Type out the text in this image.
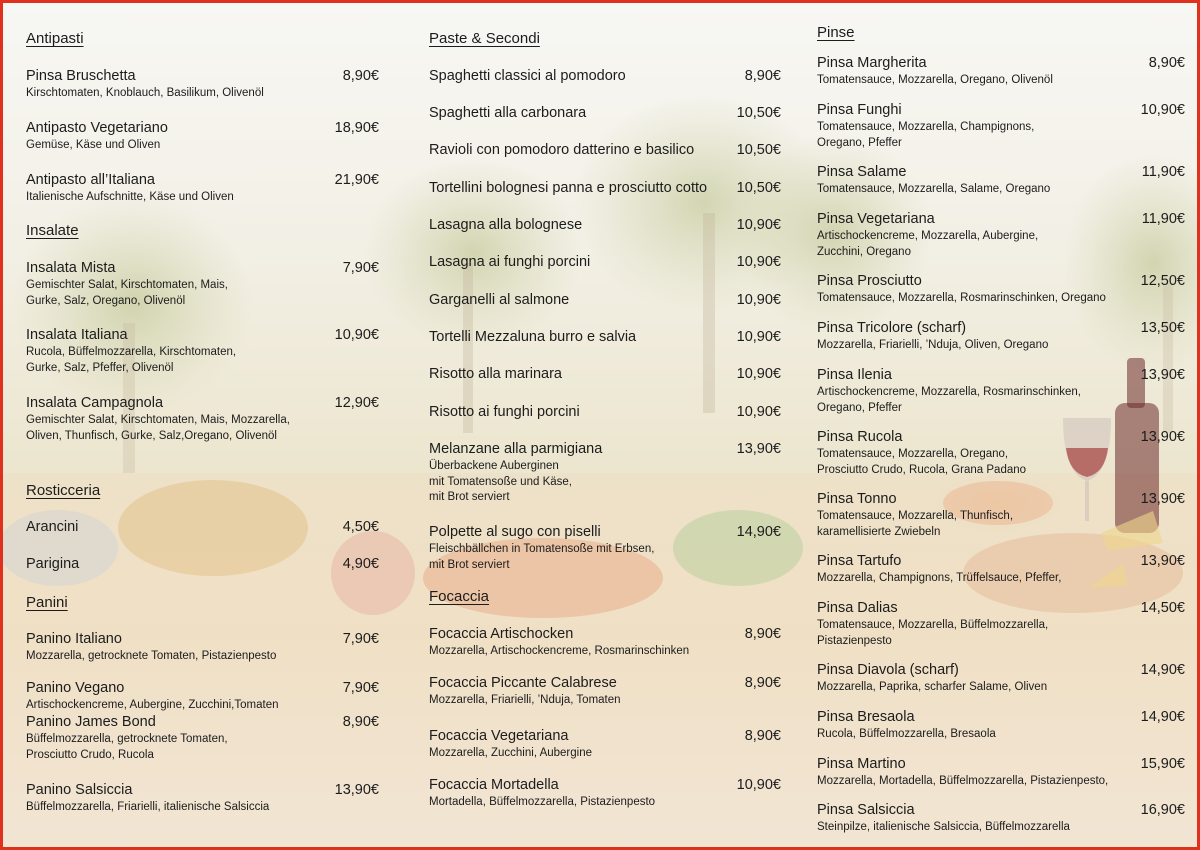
Antipasti
Pinsa Bruschetta	8,90€
Kirschtomaten, Knoblauch, Basilikum, Olivenöl
Antipasto Vegetariano	18,90€
Gemüse, Käse und Oliven
Antipasto all’Italiana	21,90€
Italienische Aufschnitte, Käse und Oliven
Insalate
Insalata Mista	7,90€
Gemischter Salat, Kirschtomaten, Mais,
Gurke, Salz, Oregano, Olivenöl
Insalata Italiana	10,90€
Rucola, Büffelmozzarella, Kirschtomaten,
Gurke, Salz, Pfeffer, Olivenöl
Insalata Campagnola	12,90€
Gemischter Salat, Kirschtomaten, Mais, Mozzarella,
Oliven, Thunfisch, Gurke, Salz,Oregano, Olivenöl
Rosticceria
Arancini	4,50€
Parigina	4,90€
Panini
Panino Italiano	7,90€
Mozzarella, getrocknete Tomaten, Pistazienpesto
Panino Vegano	7,90€
Artischockencreme, Aubergine, Zucchini,Tomaten
Panino James Bond	8,90€
Büffelmozzarella, getrocknete Tomaten,
Prosciutto Crudo, Rucola
Panino Salsiccia	13,90€
Büffelmozzarella, Friarielli, italienische Salsiccia
Paste & Secondi
Spaghetti classici al pomodoro	8,90€
Spaghetti alla carbonara	10,50€
Ravioli con pomodoro datterino e basilico	10,50€
Tortellini bolognesi panna e prosciutto cotto	10,50€
Lasagna alla bolognese	10,90€
Lasagna ai funghi porcini	10,90€
Garganelli al salmone	10,90€
Tortelli Mezzaluna burro e salvia	10,90€
Risotto alla marinara	10,90€
Risotto ai funghi porcini	10,90€
Melanzane alla parmigiana	13,90€
Überbackene Auberginen
mit Tomatensoße und Käse,
mit Brot serviert
Polpette al sugo con piselli	14,90€
Fleischbällchen in Tomatensoße mit Erbsen,
mit Brot serviert
Focaccia
Focaccia Artischocken	8,90€
Mozzarella, Artischockencreme, Rosmarinschinken
Focaccia Piccante Calabrese	8,90€
Mozzarella, Friarielli, ’Nduja, Tomaten
Focaccia Vegetariana	8,90€
Mozzarella, Zucchini, Aubergine
Focaccia Mortadella	10,90€
Mortadella, Büffelmozzarella, Pistazienpesto
Pinse
Pinsa Margherita	8,90€
Tomatensauce, Mozzarella, Oregano, Olivenöl
Pinsa Funghi	10,90€
Tomatensauce, Mozzarella, Champignons,
Oregano, Pfeffer
Pinsa Salame	11,90€
Tomatensauce, Mozzarella, Salame, Oregano
Pinsa Vegetariana	11,90€
Artischockencreme, Mozzarella, Aubergine,
Zucchini, Oregano
Pinsa Prosciutto	12,50€
Tomatensauce, Mozzarella, Rosmarinschinken, Oregano
Pinsa Tricolore (scharf)	13,50€
Mozzarella, Friarielli, ’Nduja, Oliven, Oregano
Pinsa Ilenia	13,90€
Artischockencreme, Mozzarella, Rosmarinschinken,
Oregano, Pfeffer
Pinsa Rucola	13,90€
Tomatensauce, Mozzarella, Oregano,
Prosciutto Crudo, Rucola, Grana Padano
Pinsa Tonno	13,90€
Tomatensauce, Mozzarella, Thunfisch,
karamellisierte Zwiebeln
Pinsa Tartufo	13,90€
Mozzarella, Champignons, Trüffelsauce, Pfeffer,
Pinsa Dalias	14,50€
Tomatensauce, Mozzarella, Büffelmozzarella,
Pistazienpesto
Pinsa Diavola (scharf)	14,90€
Mozzarella, Paprika, scharfer Salame, Oliven
Pinsa Bresaola	14,90€
Rucola, Büffelmozzarella, Bresaola
Pinsa Martino	15,90€
Mozzarella, Mortadella, Büffelmozzarella, Pistazienpesto,
Pinsa Salsiccia	16,90€
Steinpilze, italienische Salsiccia, Büffelmozzarella
